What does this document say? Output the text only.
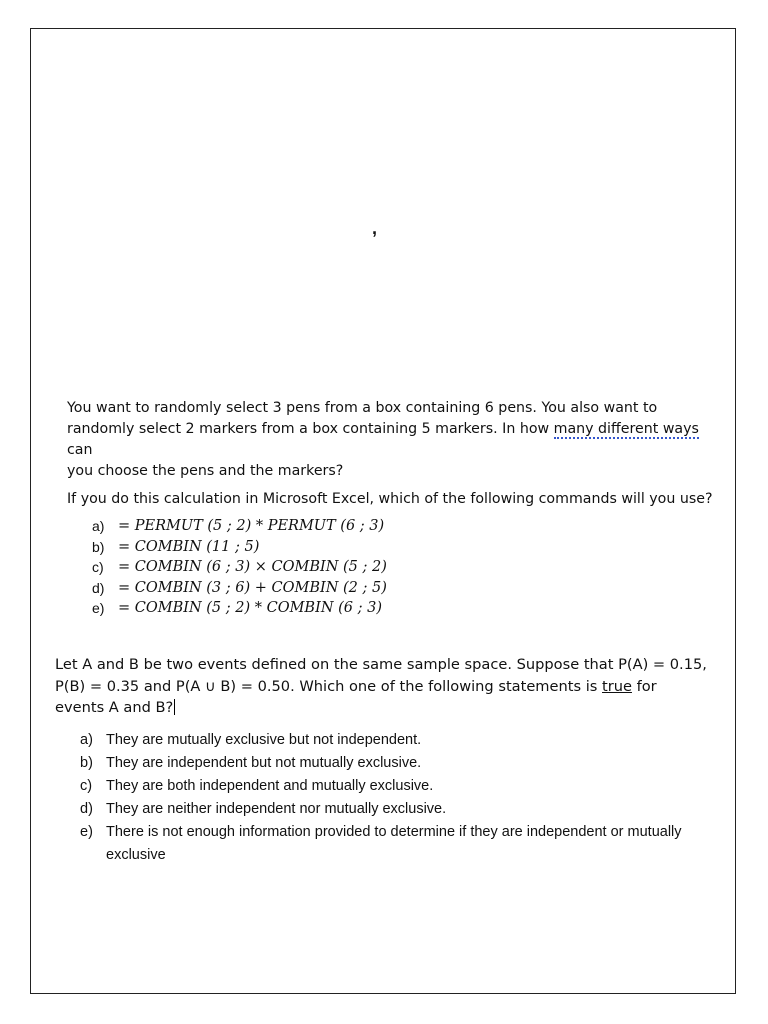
,

You want to randomly select 3 pens from a box containing 6 pens. You also want to
randomly select 2 markers from a box containing 5 markers. In how many different ways can
you choose the pens and the markers?

If you do this calculation in Microsoft Excel, which of the following commands will you use?

a) = PERMUT (5 ; 2) * PERMUT (6 ; 3)
b) = COMBIN (11 ; 5)
c) = COMBIN (6 ; 3) × COMBIN (5 ; 2)
d) = COMBIN (3 ; 6) + COMBIN (2 ; 5)
e) = COMBIN (5 ; 2) * COMBIN (6 ; 3)

Let A and B be two events defined on the same sample space. Suppose that P(A) = 0.15,
P(B) = 0.35 and P(A ∪ B) = 0.50. Which one of the following statements is true for
events A and B?

a) They are mutually exclusive but not independent.
b) They are independent but not mutually exclusive.
c) They are both independent and mutually exclusive.
d) They are neither independent nor mutually exclusive.
e) There is not enough information provided to determine if they are independent or mutually exclusive
